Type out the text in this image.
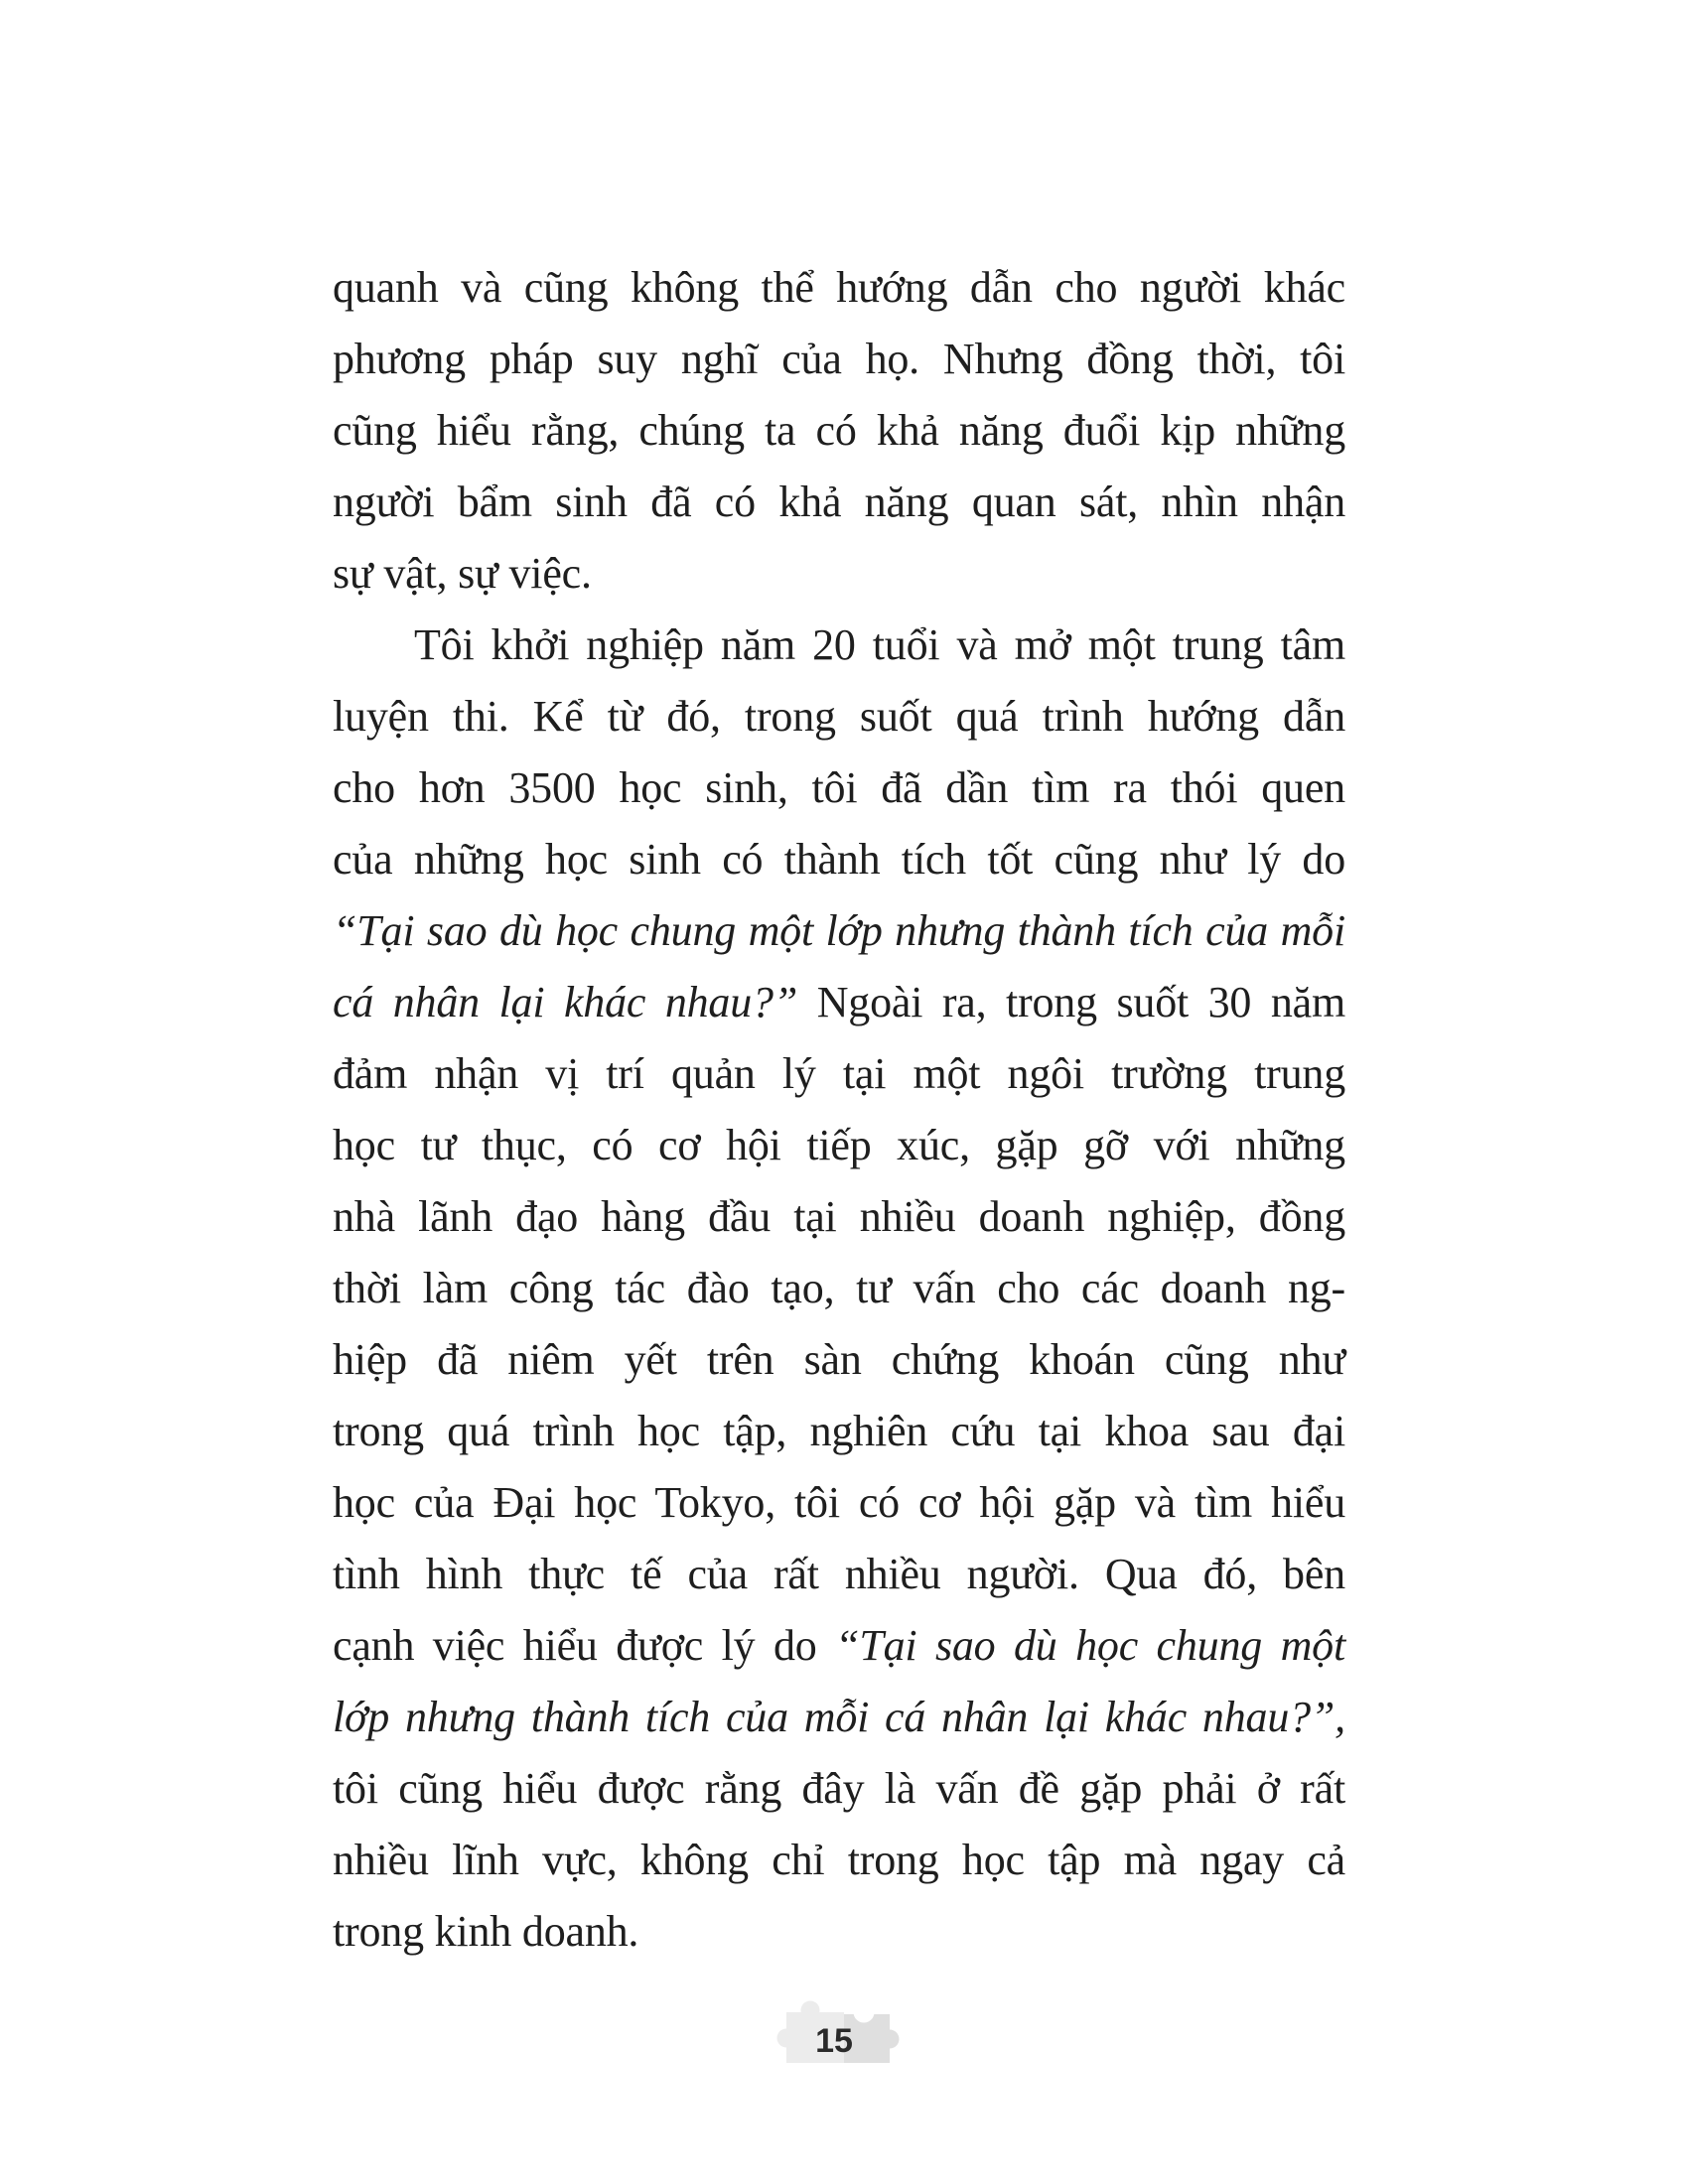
quanh và cũng không thể hướng dẫn cho người khác
phương pháp suy nghĩ của họ. Nhưng đồng thời, tôi
cũng hiểu rằng, chúng ta có khả năng đuổi kịp những
người bẩm sinh đã có khả năng quan sát, nhìn nhận
sự vật, sự việc.
Tôi khởi nghiệp năm 20 tuổi và mở một trung tâm
luyện thi. Kể từ đó, trong suốt quá trình hướng dẫn
cho hơn 3500 học sinh, tôi đã dần tìm ra thói quen
của những học sinh có thành tích tốt cũng như lý do
“Tại sao dù học chung một lớp nhưng thành tích của mỗi
cá nhân lại khác nhau?” Ngoài ra, trong suốt 30 năm
đảm nhận vị trí quản lý tại một ngôi trường trung
học tư thục, có cơ hội tiếp xúc, gặp gỡ với những
nhà lãnh đạo hàng đầu tại nhiều doanh nghiệp, đồng
thời làm công tác đào tạo, tư vấn cho các doanh ng-
hiệp đã niêm yết trên sàn chứng khoán cũng như
trong quá trình học tập, nghiên cứu tại khoa sau đại
học của Đại học Tokyo, tôi có cơ hội gặp và tìm hiểu
tình hình thực tế của rất nhiều người. Qua đó, bên
cạnh việc hiểu được lý do “Tại sao dù học chung một
lớp nhưng thành tích của mỗi cá nhân lại khác nhau?”,
tôi cũng hiểu được rằng đây là vấn đề gặp phải ở rất
nhiều lĩnh vực, không chỉ trong học tập mà ngay cả
trong kinh doanh.
15
